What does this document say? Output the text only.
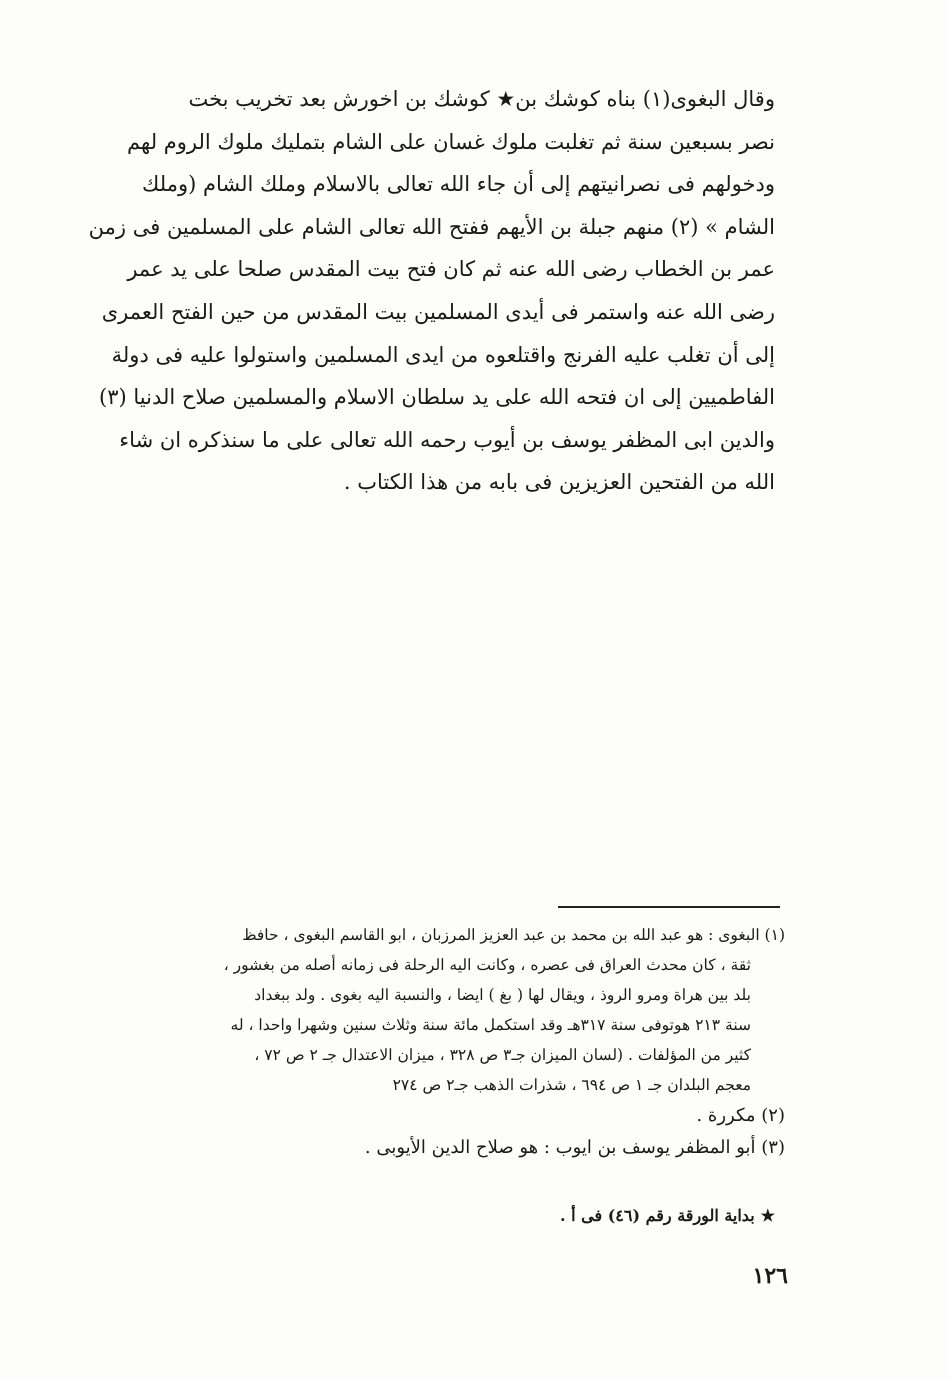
وقال البغوى(١) بناه كوشك بن★ كوشك بن اخورش بعد تخريب بخت
نصر بسبعين سنة ثم تغلبت ملوك غسان على الشام بتمليك ملوك الروم لهم
ودخولهم فى نصرانيتهم إلى أن جاء الله تعالى بالاسلام وملك الشام (وملك
الشام » (٢) منهم جبلة بن الأيهم ففتح الله تعالى الشام على المسلمين فى زمن
عمر بن الخطاب رضى الله عنه ثم كان فتح بيت المقدس صلحا على يد عمر
رضى الله عنه واستمر فى أيدى المسلمين بيت المقدس من حين الفتح العمرى
إلى أن تغلب عليه الفرنج واقتلعوه من ايدى المسلمين واستولوا عليه فى دولة
الفاطميين إلى ان فتحه الله على يد سلطان الاسلام والمسلمين صلاح الدنيا (٣)
والدين ابى المظفر يوسف بن أيوب رحمه الله تعالى على ما سنذكره ان شاء
الله من الفتحين العزيزين فى بابه من هذا الكتاب .
(١) البغوى : هو عبد الله بن محمد بن عبد العزيز المرزبان ، ابو القاسم البغوى ، حافظ
ثقة ، كان محدث العراق فى عصره ، وكانت اليه الرحلة فى زمانه أصله من بغشور ،
بلد بين هراة ومرو الروذ ، ويقال لها ( بغ ) ايضا ، والنسبة اليه بغوى . ولد ببغداد
سنة ٢١٣ هوتوفى سنة ٣١٧هـ وقد استكمل مائة سنة وثلاث سنين وشهرا واحدا ، له
كثير من المؤلفات . (لسان الميزان جـ٣ ص ٣٢٨ ، ميزان الاعتدال جـ ٢ ص ٧٢ ،
معجم البلدان جـ ١ ص ٦٩٤ ، شذرات الذهب جـ٢ ص ٢٧٤
(٢) مكررة .
(٣) أبو المظفر يوسف بن ايوب : هو صلاح الدين الأيوبى .
★بداية الورقة رقم (٤٦) فى أ .
١٢٦
